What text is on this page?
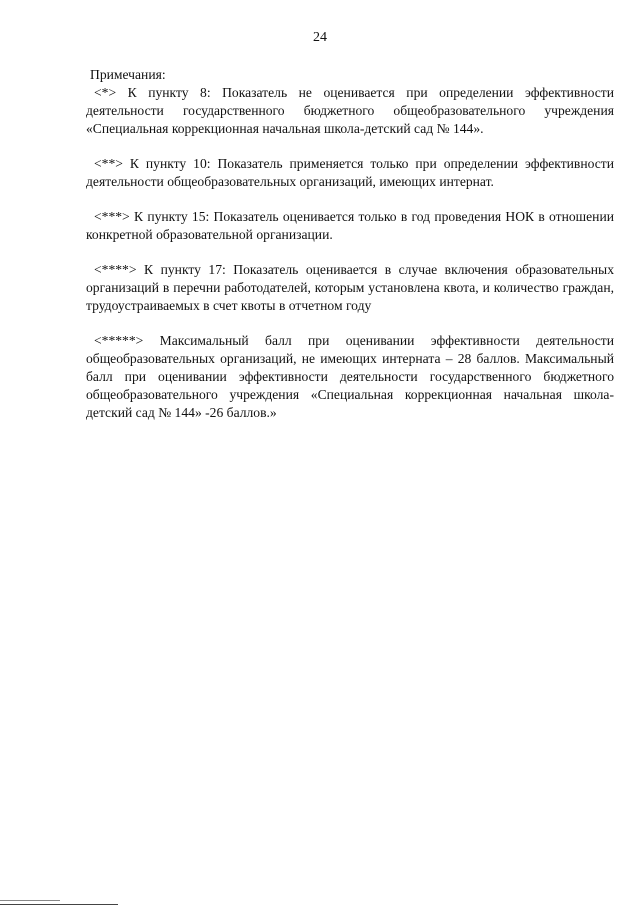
24

Примечания:

<*> К пункту 8: Показатель не оценивается при определении эффективности деятельности государственного бюджетного общеобразовательного учреждения «Специальная коррекционная начальная школа-детский сад № 144».

<**> К пункту 10: Показатель применяется только при определении эффективности деятельности общеобразовательных организаций, имеющих интернат.

<***> К пункту 15: Показатель оценивается только в год проведения НОК в отношении конкретной образовательной организации.

<****> К пункту 17: Показатель оценивается в случае включения образовательных организаций в перечни работодателей, которым установлена квота, и количество граждан, трудоустраиваемых в счет квоты в отчетном году

<*****> Максимальный балл при оценивании эффективности деятельности общеобразовательных организаций, не имеющих интерната – 28 баллов. Максимальный балл при оценивании эффективности деятельности государственного бюджетного общеобразовательного учреждения «Специальная коррекционная начальная школа-детский сад № 144» -26 баллов.»
